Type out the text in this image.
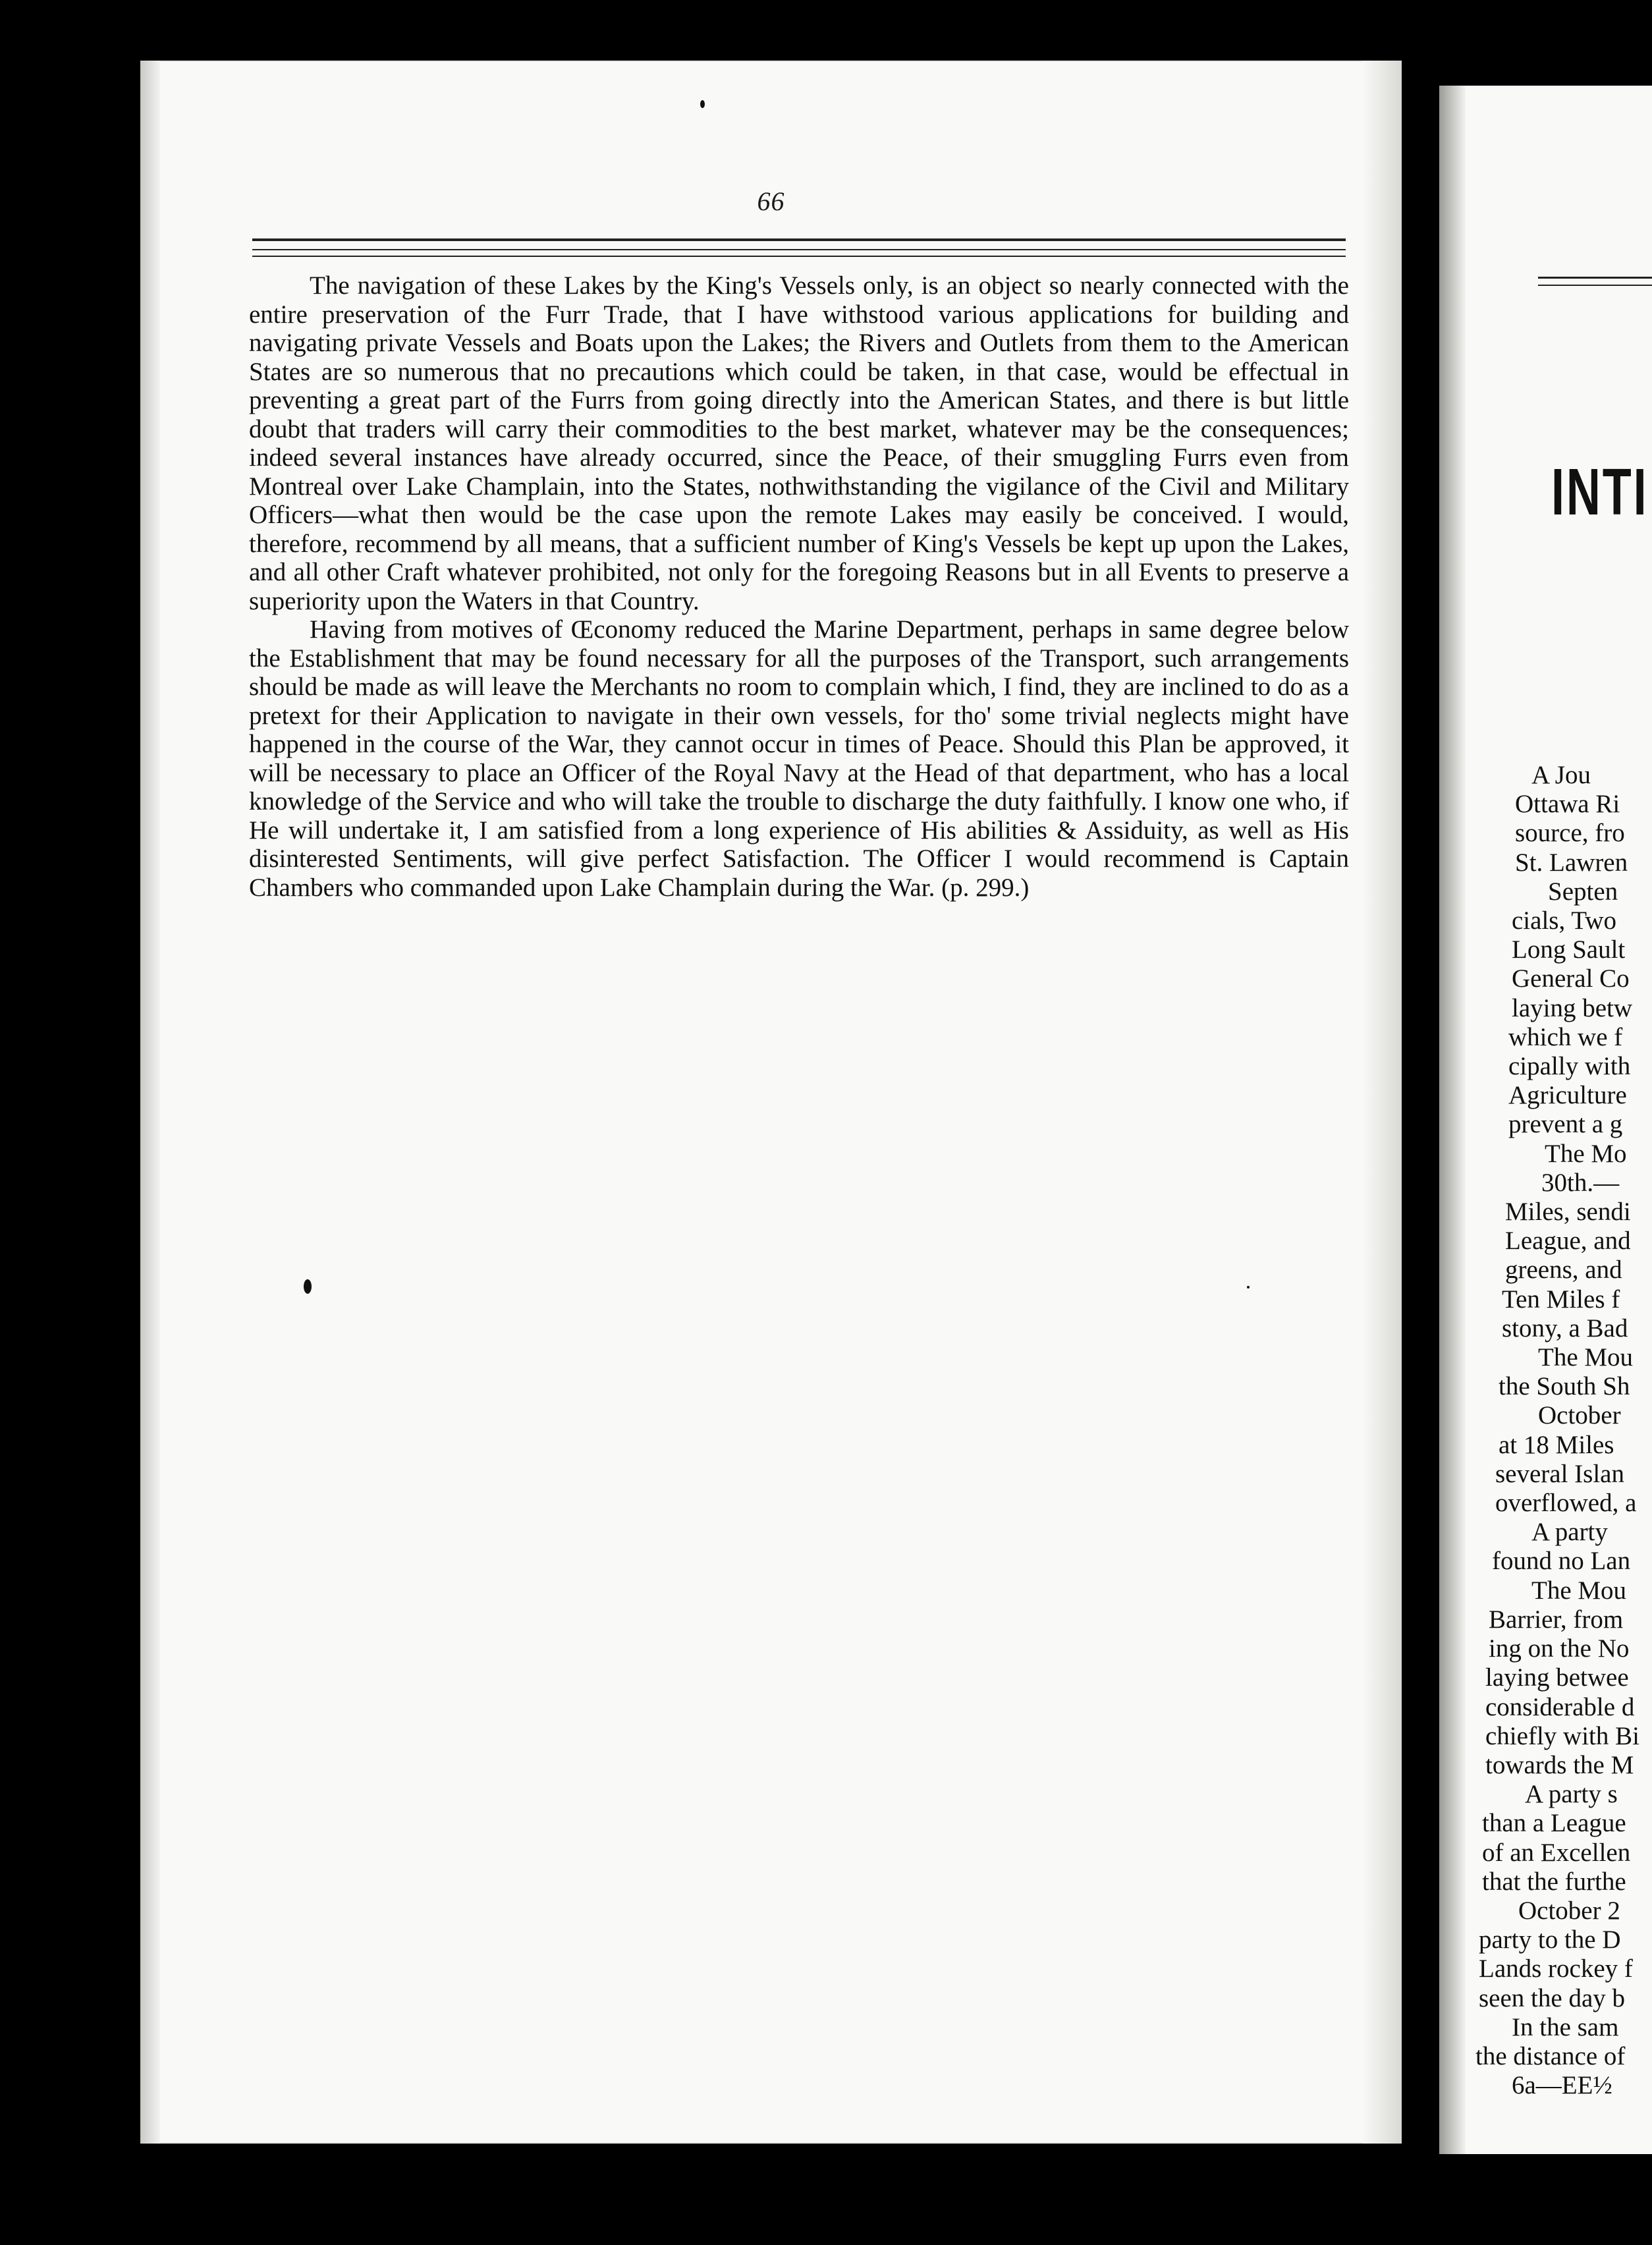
66

The navigation of these Lakes by the King's Vessels only, is an object so nearly connected with the entire preservation of the Furr Trade, that I have withstood various applications for building and navigating private Vessels and Boats upon the Lakes; the Rivers and Outlets from them to the American States are so numerous that no precautions which could be taken, in that case, would be effectual in preventing a great part of the Furrs from going directly into the American States, and there is but little doubt that traders will carry their commodities to the best market, whatever may be the consequences; indeed several instances have already occurred, since the Peace, of their smuggling Furrs even from Montreal over Lake Champlain, into the States, nothwithstanding the vigilance of the Civil and Military Officers—what then would be the case upon the remote Lakes may easily be conceived. I would, therefore, recommend by all means, that a sufficient number of King's Vessels be kept up upon the Lakes, and all other Craft whatever prohibited, not only for the foregoing Reasons but in all Events to preserve a superiority upon the Waters in that Country.

Having from motives of Œconomy reduced the Marine Department, perhaps in same degree below the Establishment that may be found necessary for all the purposes of the Transport, such arrangements should be made as will leave the Merchants no room to complain which, I find, they are inclined to do as a pretext for their Application to navigate in their own vessels, for tho' some trivial neglects might have happened in the course of the War, they cannot occur in times of Peace. Should this Plan be approved, it will be necessary to place an Officer of the Royal Navy at the Head of that department, who has a local knowledge of the Service and who will take the trouble to discharge the duty faithfully. I know one who, if He will undertake it, I am satisfied from a long experience of His abilities & Assiduity, as well as His disinterested Sentiments, will give perfect Satisfaction. The Officer I would recommend is Captain Chambers who commanded upon Lake Champlain during the War. (p. 299.)

INTI
A Jou
Ottawa Ri
source, fro
St. Lawren
Septen
cials, Two
Long Sault
General Co
laying betw
which we f
cipally with
Agriculture
prevent a g
The Mo
30th.—
Miles, sendi
League, and
greens, and
Ten Miles f
stony, a Bad
The Mou
the South Sh
October
at 18 Miles
several Islan
overflowed, a
A party
found no Lan
The Mou
Barrier, from
ing on the No
laying betwee
considerable d
chiefly with Bi
towards the M
A party s
than a League
of an Excellen
that the furthe
October 2
party to the D
Lands rockey f
seen the day b
In the sam
the distance of
6a—EE½
